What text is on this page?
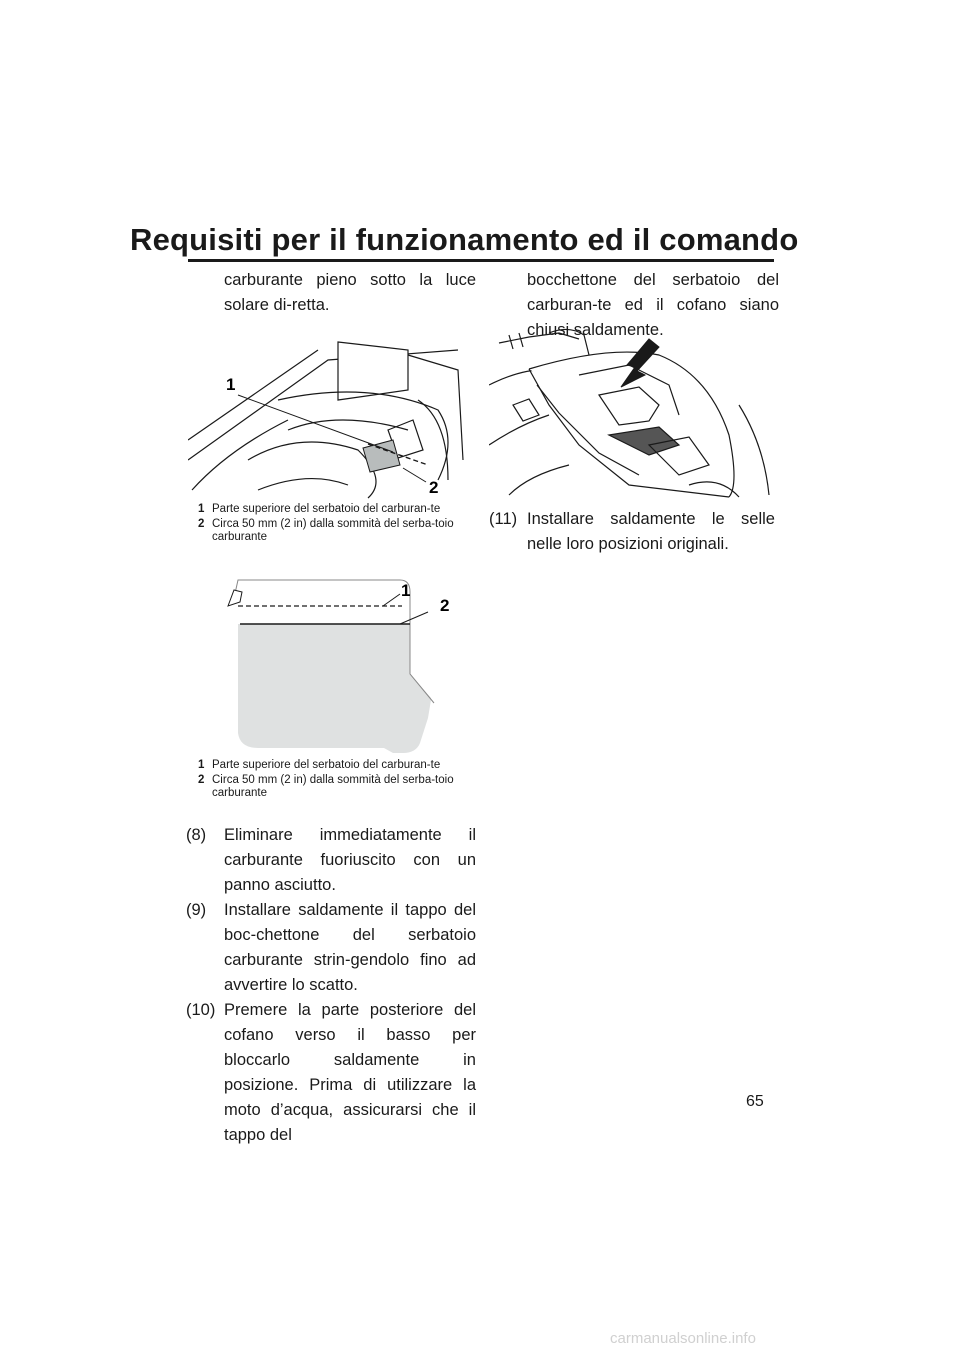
Requisiti per il funzionamento ed il comando

carburante pieno sotto la luce solare di-retta.

1
2
1 Parte superiore del serbatoio del carburan-te
2 Circa 50 mm (2 in) dalla sommità del serba-toio carburante
1
2
1 Parte superiore del serbatoio del carburan-te
2 Circa 50 mm (2 in) dalla sommità del serba-toio carburante
(8)	Eliminare immediatamente il carburante fuoriuscito con un panno asciutto.
(9)	Installare saldamente il tappo del boc-chettone del serbatoio carburante strin-gendolo fino ad avvertire lo scatto.
(10) Premere la parte posteriore del cofano verso il basso per bloccarlo saldamente in posizione. Prima di utilizzare la moto d’acqua, assicurarsi che il tappo del

bocchettone del serbatoio del carburan-te ed il cofano siano chiusi saldamente.

(11) Installare saldamente le selle nelle loro posizioni originali.
65
carmanualsonline.info
